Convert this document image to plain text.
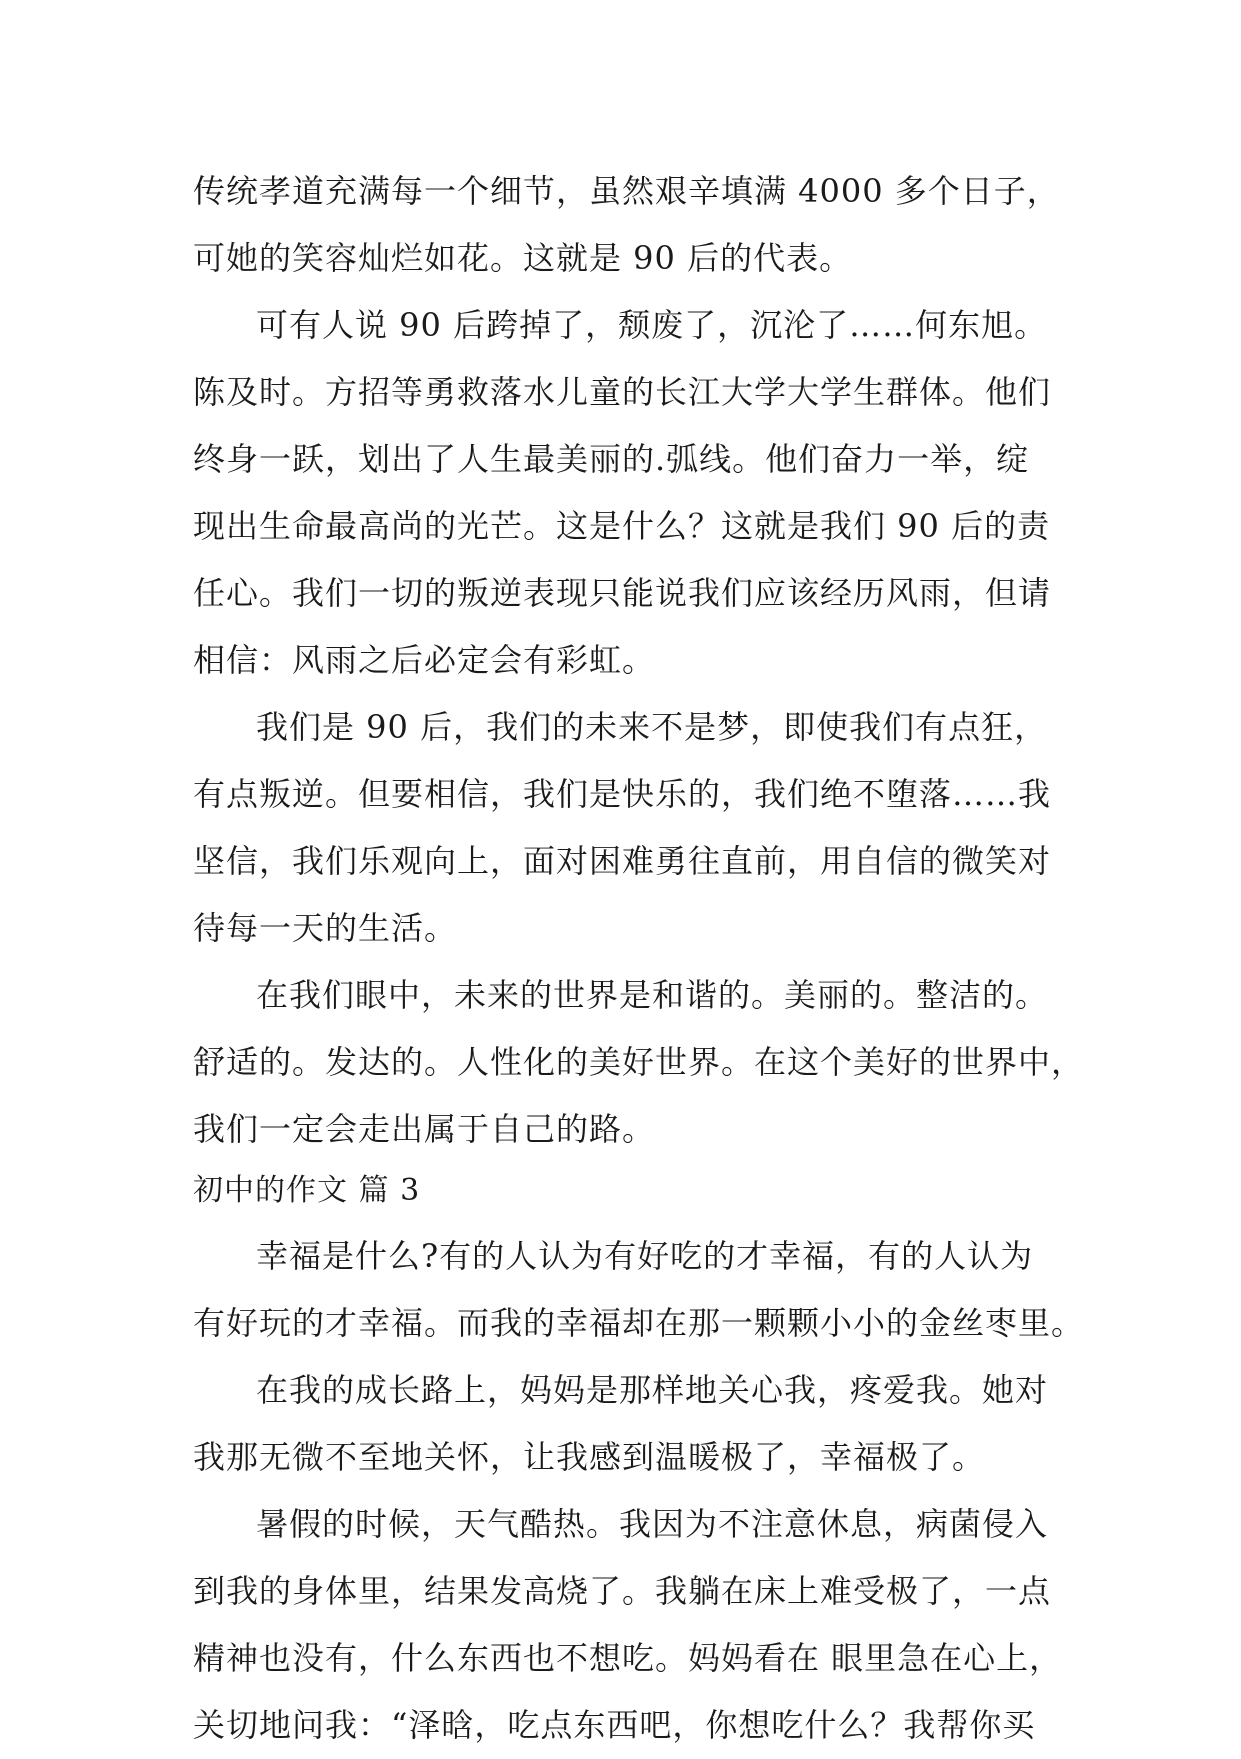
传统孝道充满每一个细节，虽然艰辛填满 4000 多个日子，
可她的笑容灿烂如花。这就是 90 后的代表。
可有人说 90 后跨掉了，颓废了，沉沦了……何东旭。
陈及时。方招等勇救落水儿童的长江大学大学生群体。他们
终身一跃，划出了人生最美丽的.弧线。他们奋力一举，绽
现出生命最高尚的光芒。这是什么？这就是我们 90 后的责
任心。我们一切的叛逆表现只能说我们应该经历风雨，但请
相信：风雨之后必定会有彩虹。
我们是 90 后，我们的未来不是梦，即使我们有点狂，
有点叛逆。但要相信，我们是快乐的，我们绝不堕落……我
坚信，我们乐观向上，面对困难勇往直前，用自信的微笑对
待每一天的生活。
在我们眼中，未来的世界是和谐的。美丽的。整洁的。
舒适的。发达的。人性化的美好世界。在这个美好的世界中，
我们一定会走出属于自己的路。
初中的作文 篇 3
幸福是什么?有的人认为有好吃的才幸福，有的人认为
有好玩的才幸福。而我的幸福却在那一颗颗小小的金丝枣里。
在我的成长路上，妈妈是那样地关心我，疼爱我。她对
我那无微不至地关怀，让我感到温暖极了，幸福极了。
暑假的时候，天气酷热。我因为不注意休息，病菌侵入
到我的身体里，结果发高烧了。我躺在床上难受极了，一点
精神也没有，什么东西也不想吃。妈妈看在 眼里急在心上，
关切地问我：“泽晗，吃点东西吧，你想吃什么？我帮你买
